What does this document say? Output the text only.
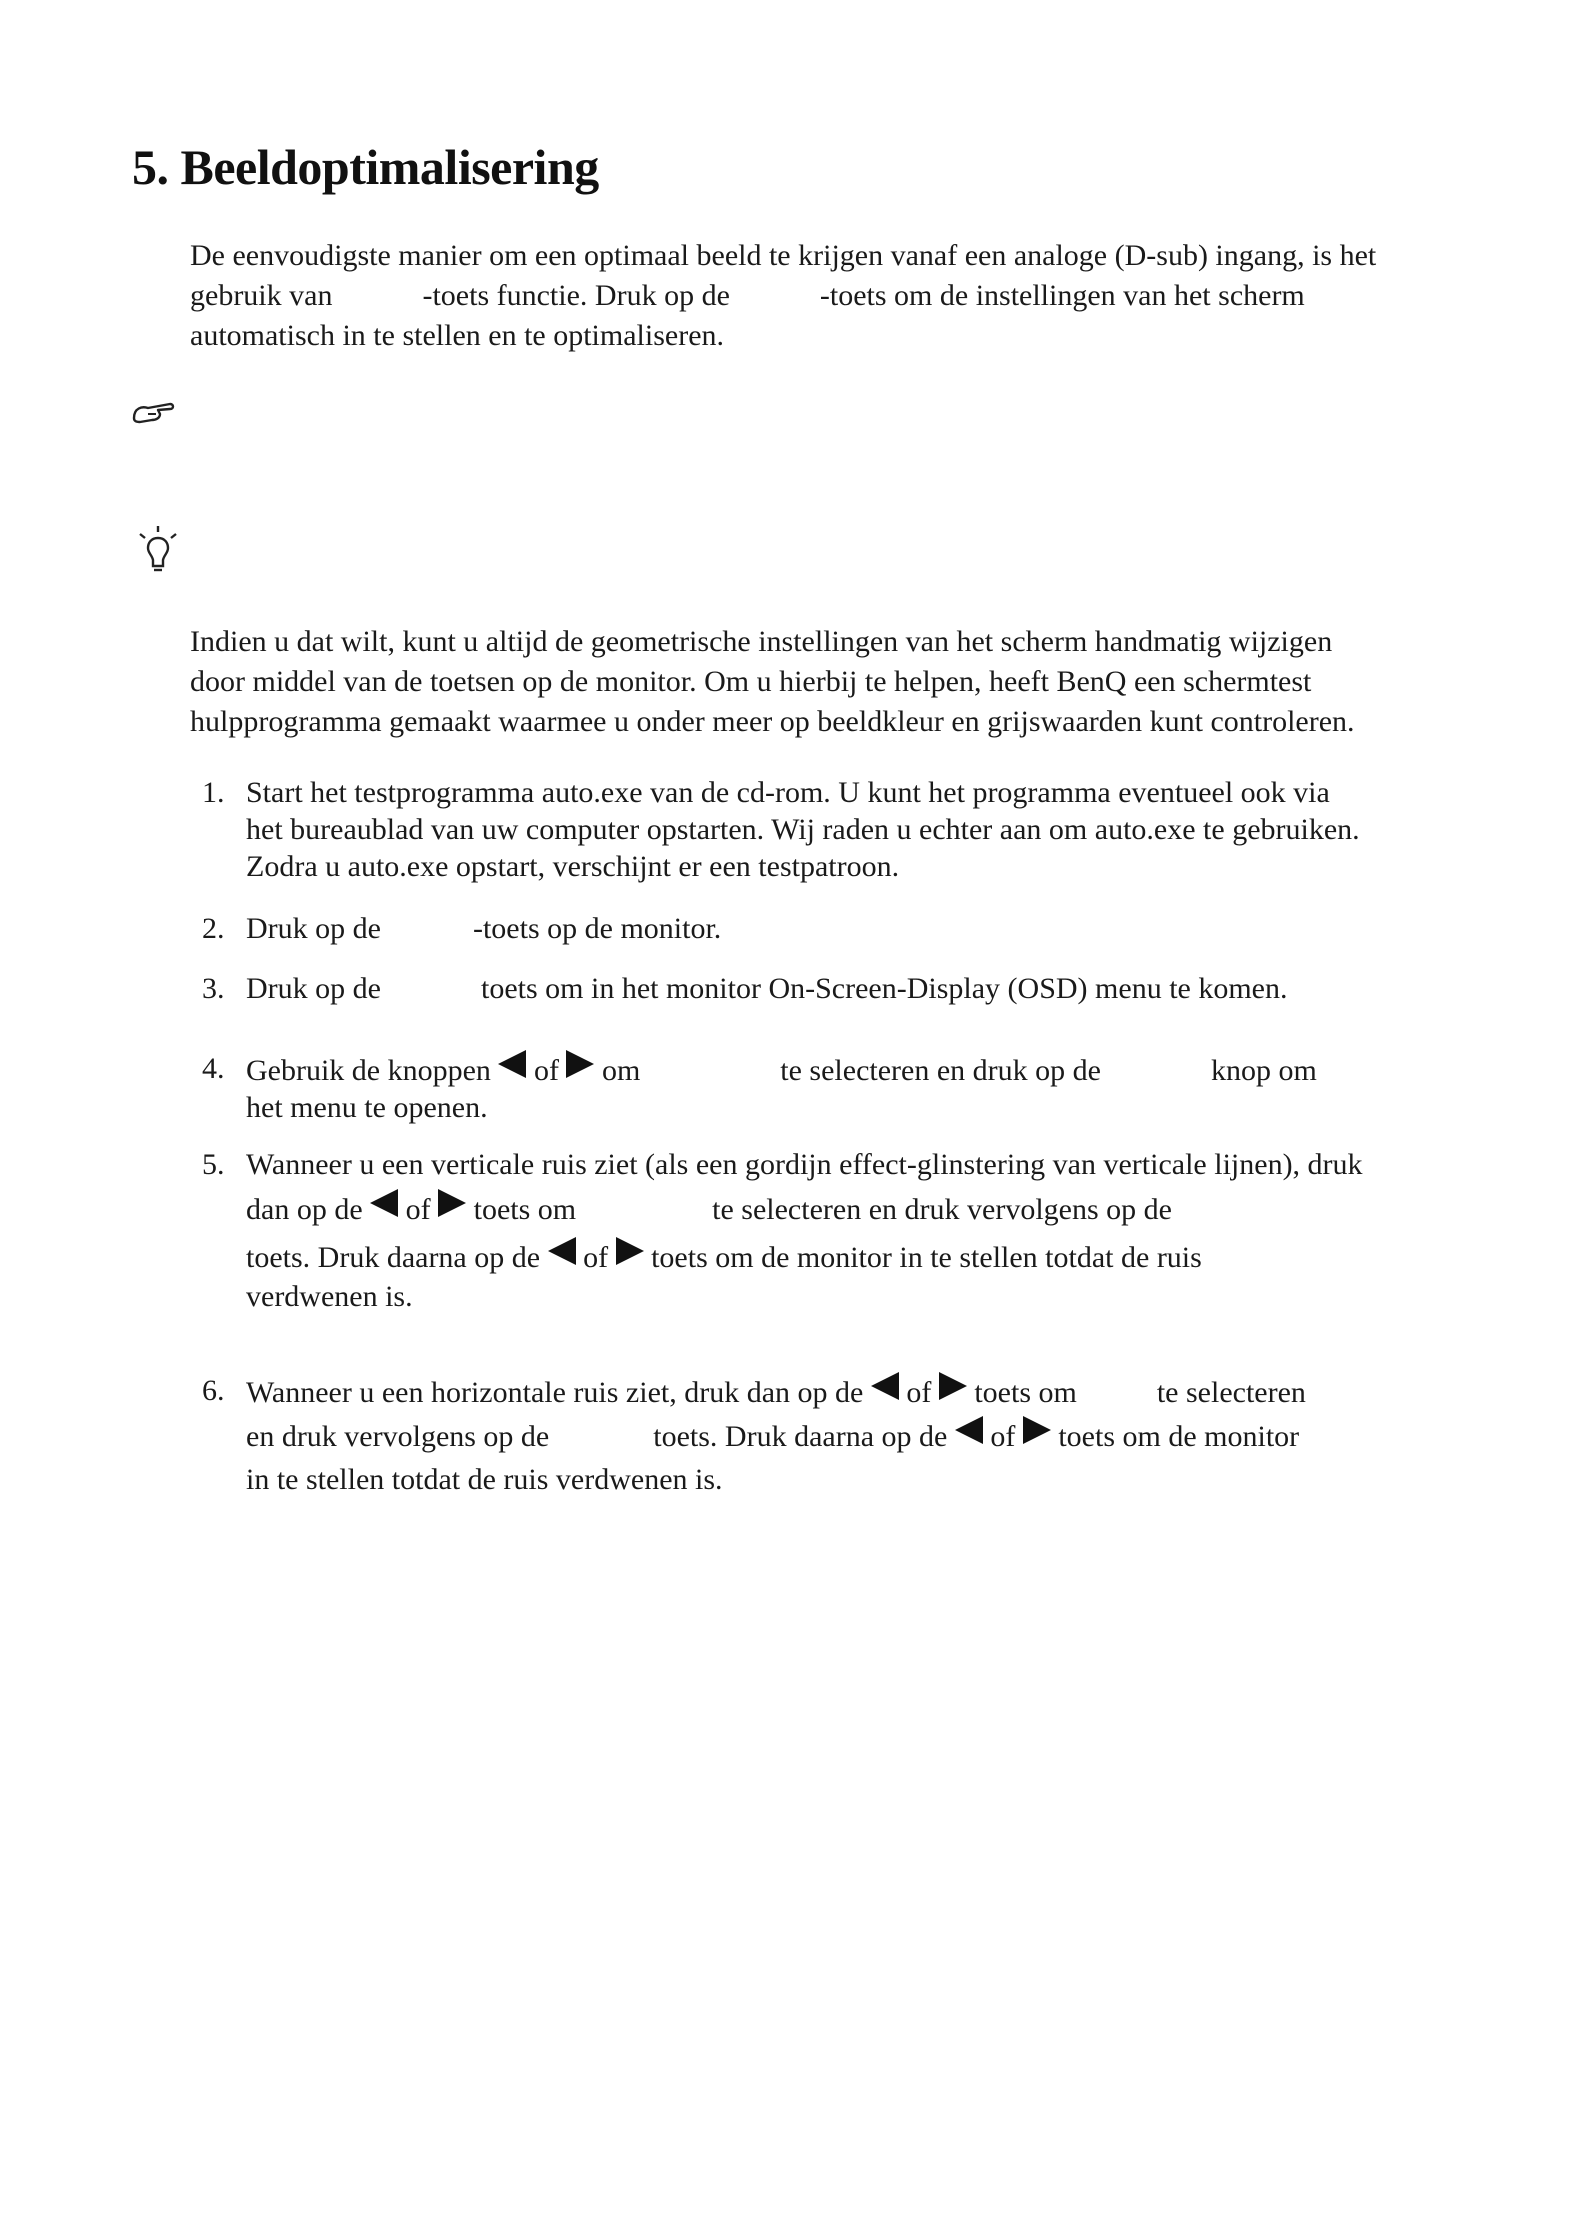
5. Beeldoptimalisering

De eenvoudigste manier om een optimaal beeld te krijgen vanaf een analoge (D-sub) ingang, is het
gebruik van	-toets functie. Druk op de	-toets om de instellingen van het scherm
automatisch in te stellen en te optimaliseren.

Indien u dat wilt, kunt u altijd de geometrische instellingen van het scherm handmatig wijzigen
door middel van de toetsen op de monitor. Om u hierbij te helpen, heeft BenQ een schermtest
hulpprogramma gemaakt waarmee u onder meer op beeldkleur en grijswaarden kunt controleren.

1. Start het testprogramma auto.exe van de cd-rom. U kunt het programma eventueel ook via
het bureaublad van uw computer opstarten. Wij raden u echter aan om auto.exe te gebruiken.
Zodra u auto.exe opstart, verschijnt er een testpatroon.
2. Druk op de	-toets op de monitor.
3. Druk op de	toets om in het monitor On-Screen-Display (OSD) menu te komen.
4. Gebruik de knoppen of om	te selecteren en druk op de	knop om
het menu te openen.
5. Wanneer u een verticale ruis ziet (als een gordijn effect-glinstering van verticale lijnen), druk
dan op de of toets om	te selecteren en druk vervolgens op de
toets. Druk daarna op de of toets om de monitor in te stellen totdat de ruis
verdwenen is.
6. Wanneer u een horizontale ruis ziet, druk dan op de of toets om	te selecteren
en druk vervolgens op de	toets. Druk daarna op de of toets om de monitor
in te stellen totdat de ruis verdwenen is.
